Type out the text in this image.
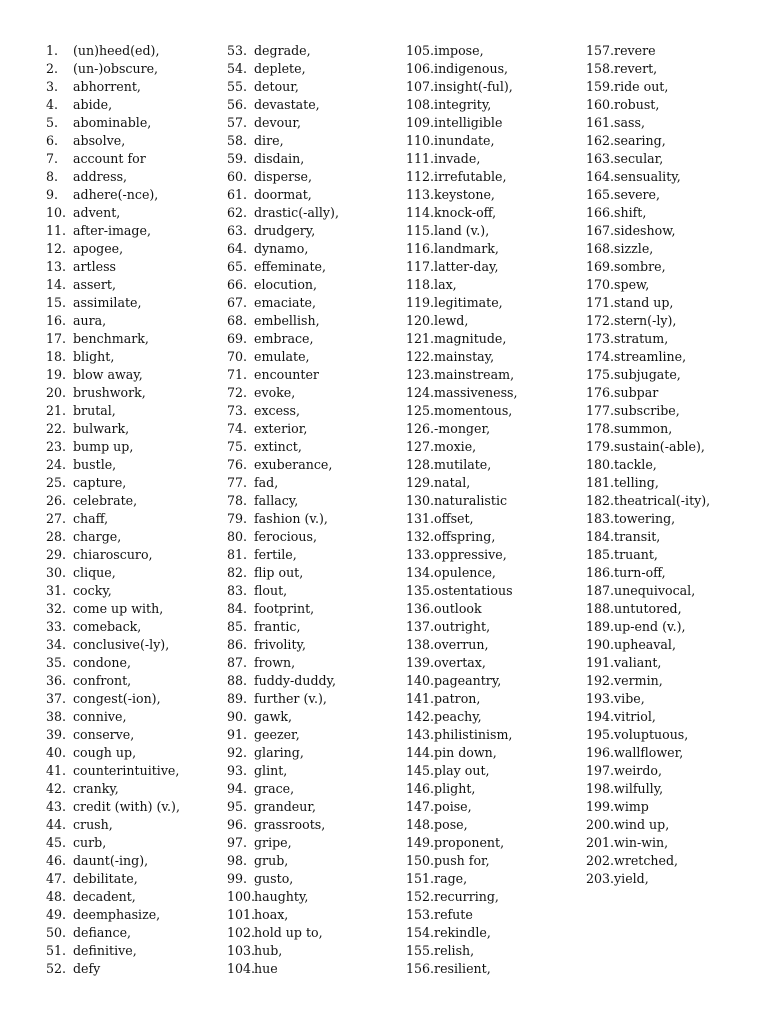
1.	(un)heed(ed),
2.	(un-)obscure,
3.	abhorrent,
4.	abide,
5.	abominable,
6.	absolve,
7.	account for
8.	address,
9.	adhere(-nce),
10. advent,
11. after-image,
12. apogee,
13. artless
14. assert,
15. assimilate,
16. aura,
17. benchmark,
18. blight,
19. blow away,
20. brushwork,
21. brutal,
22. bulwark,
23. bump up,
24. bustle,
25. capture,
26. celebrate,
27. chaff,
28. charge,
29. chiaroscuro,
30. clique,
31. cocky,
32. come up with,
33. comeback,
34. conclusive(-ly),
35. condone,
36. confront,
37. congest(-ion),
38. connive,
39. conserve,
40. cough up,
41. counterintuitive,
42. cranky,
43. credit (with) (v.),
44. crush,
45. curb,
46. daunt(-ing),
47. debilitate,
48. decadent,
49. deemphasize,
50. defiance,
51. definitive,
52. defy
53. degrade,
54. deplete,
55. detour,
56. devastate,
57. devour,
58. dire,
59. disdain,
60. disperse,
61. doormat,
62. drastic(-ally),
63. drudgery,
64. dynamo,
65. effeminate,
66. elocution,
67. emaciate,
68. embellish,
69. embrace,
70. emulate,
71. encounter
72. evoke,
73. excess,
74. exterior,
75. extinct,
76. exuberance,
77. fad,
78. fallacy,
79. fashion (v.),
80. ferocious,
81. fertile,
82. flip out,
83. flout,
84. footprint,
85. frantic,
86. frivolity,
87. frown,
88. fuddy-duddy,
89. further (v.),
90. gawk,
91. geezer,
92. glaring,
93. glint,
94. grace,
95. grandeur,
96. grassroots,
97. gripe,
98. grub,
99. gusto,
100.
haughty,
101.
hoax,
102.
hold up to,
103.
hub,
104.
hue
105. impose,
106. indigenous,
107. insight(-ful),
108. integrity,
109. intelligible
110. inundate,
111. invade,
112. irrefutable,
113. keystone,
114. knock-off,
115. land (v.),
116. landmark,
117. latter-day,
118. lax,
119. legitimate,
120. lewd,
121. magnitude,
122. mainstay,
123. mainstream,
124. massiveness,
125. momentous,
126. -monger,
127. moxie,
128. mutilate,
129. natal,
130. naturalistic
131. offset,
132. offspring,
133. oppressive,
134. opulence,
135. ostentatious
136. outlook
137. outright,
138. overrun,
139. overtax,
140. pageantry,
141. patron,
142. peachy,
143. philistinism,
144. pin down,
145. play out,
146. plight,
147. poise,
148. pose,
149. proponent,
150. push for,
151. rage,
152. recurring,
153. refute
154. rekindle,
155. relish,
156. resilient,
157. revere
158. revert,
159. ride out,
160. robust,
161. sass,
162. searing,
163. secular,
164. sensuality,
165. severe,
166. shift,
167. sideshow,
168. sizzle,
169. sombre,
170. spew,
171. stand up,
172. stern(-ly),
173. stratum,
174. streamline,
175. subjugate,
176. subpar
177. subscribe,
178. summon,
179. sustain(-able),
180. tackle,
181. telling,
182. theatrical(-ity),
183. towering,
184. transit,
185. truant,
186. turn-off,
187. unequivocal,
188. untutored,
189. up-end (v.),
190. upheaval,
191. valiant,
192. vermin,
193. vibe,
194. vitriol,
195. voluptuous,
196. wallflower,
197. weirdo,
198. wilfully,
199. wimp
200. wind up,
201. win-win,
202. wretched,
203. yield,
